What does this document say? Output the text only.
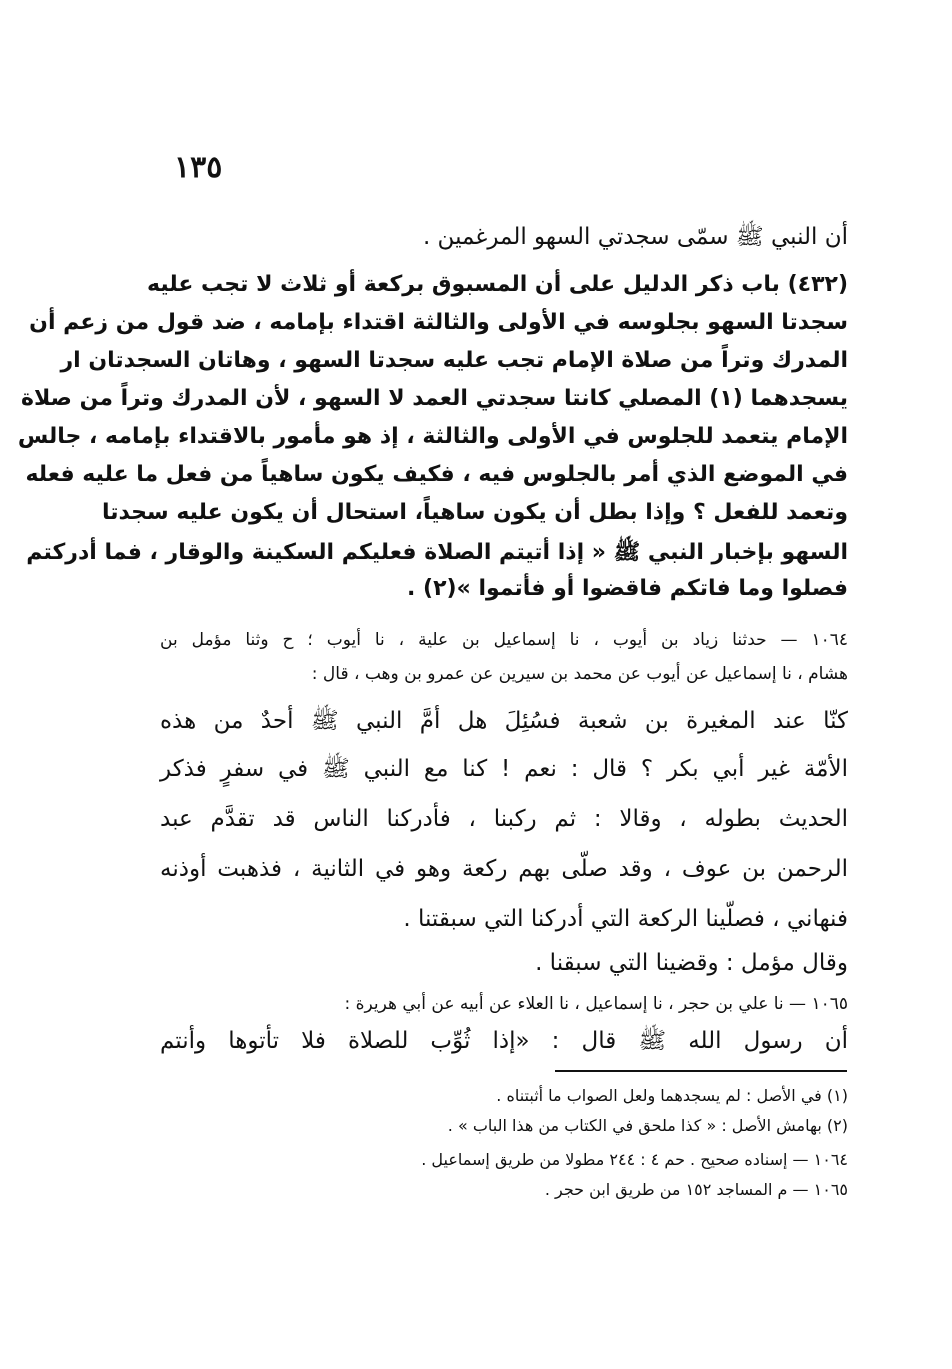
١٣٥
أن النبي ﷺ سمّى سجدتي السهو المرغمين .
(٤٣٢) باب ذكر الدليل على أن المسبوق بركعة أو ثلاث لا تجب عليه
سجدتا السهو بجلوسه في الأولى والثالثة اقتداء بإمامه ، ضد قول من زعم أن
المدرك وتراً من صلاة الإمام تجب عليه سجدتا السهو ، وهاتان السجدتان ار
يسجدهما (١) المصلي كانتا سجدتي العمد لا السهو ، لأن المدرك وتراً من صلاة
الإمام يتعمد للجلوس في الأولى والثالثة ، إذ هو مأمور بالاقتداء بإمامه ، جالس
في الموضع الذي أمر بالجلوس فيه ، فكيف يكون ساهياً من فعل ما عليه فعله
وتعمد للفعل ؟ وإذا بطل أن يكون ساهياً، استحال أن يكون عليه سجدتا
السهو بإخبار النبي ﷺ « إذا أتيتم الصلاة فعليكم السكينة والوقار ، فما أدركتم
فصلوا وما فاتكم فاقضوا أو فأتموا »(٢) .
١٠٦٤ — حدثنا زياد بن أيوب ، نا إسماعيل بن علية ، نا أيوب ؛ ح وثنا مؤمل بن
هشام ، نا إسماعيل عن أيوب عن محمد بن سيرين عن عمرو بن وهب ، قال :
كنّا عند المغيرة بن شعبة فسُئِلَ هل أمَّ النبي ﷺ أحدٌ من هذه
الأمّة غير أبي بكر ؟ قال : نعم ! كنا مع النبي ﷺ في سفرٍ فذكر
الحديث بطوله ، وقالا : ثم ركبنا ، فأدركنا الناس قد تقدَّم عبد
الرحمن بن عوف ، وقد صلّى بهم ركعة وهو في الثانية ، فذهبت أوذنه
فنهاني ، فصلّينا الركعة التي أدركنا التي سبقتنا .
وقال مؤمل : وقضينا التي سبقنا .
١٠٦٥ — نا علي بن حجر ، نا إسماعيل ، نا العلاء عن أبيه عن أبي هريرة :
أن رسول الله ﷺ قال : «إذا ثُوِّب للصلاة فلا تأتوها وأنتم
(١) في الأصل : لم يسجدهما ولعل الصواب ما أثبتناه .
(٢) بهامش الأصل : « كذا ملحق في الكتاب من هذا الباب » .
١٠٦٤ — إسناده صحيح . حم ٤ : ٢٤٤ مطولا من طريق إسماعيل .
١٠٦٥ — م المساجد ١٥٢ من طريق ابن حجر .
